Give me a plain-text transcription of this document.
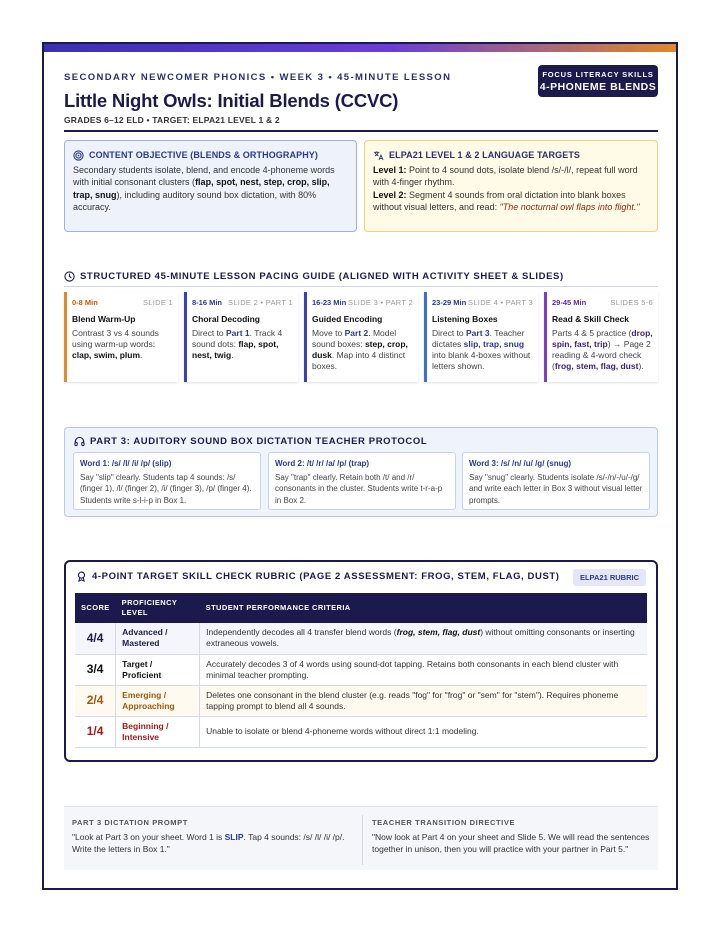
SECONDARY NEWCOMER PHONICS • WEEK 3 • 45-MINUTE LESSON
Little Night Owls: Initial Blends (CCVC)
GRADES 6–12 ELD • TARGET: ELPA21 LEVEL 1 & 2
FOCUS LITERACY SKILLS
4-PHONEME BLENDS
CONTENT OBJECTIVE (BLENDS & ORTHOGRAPHY)
Secondary students isolate, blend, and encode 4-phoneme words with initial consonant clusters (flap, spot, nest, step, crop, slip, trap, snug), including auditory sound box dictation, with 80% accuracy.
ELPA21 LEVEL 1 & 2 LANGUAGE TARGETS
Level 1: Point to 4 sound dots, isolate blend /s/-/l/, repeat full word with 4-finger rhythm.
Level 2: Segment 4 sounds from oral dictation into blank boxes without visual letters, and read: "The nocturnal owl flaps into flight."
STRUCTURED 45-MINUTE LESSON PACING GUIDE (ALIGNED WITH ACTIVITY SHEET & SLIDES)
0-8 Min	SLIDE 1
Blend Warm-Up
Contrast 3 vs 4 sounds using warm-up words: clap, swim, plum.
8-16 Min SLIDE 2 • PART 1
Choral Decoding
Direct to Part 1. Track 4 sound dots: flap, spot, nest, twig.
16-23 Min SLIDE 3 • PART 2
Guided Encoding
Move to Part 2. Model sound boxes: step, crop, dusk. Map into 4 distinct boxes.
23-29 Min SLIDE 4 • PART 3
Listening Boxes
Direct to Part 3. Teacher dictates slip, trap, snug into blank 4-boxes without letters shown.
29-45 Min	SLIDES 5-6
Read & Skill Check
Parts 4 & 5 practice (drop, spin, fast, trip) → Page 2 reading & 4-word check (frog, stem, flag, dust).
PART 3: AUDITORY SOUND BOX DICTATION TEACHER PROTOCOL
Word 1: /s/ /l/ /i/ /p/ (slip)
Say "slip" clearly. Students tap 4 sounds: /s/ (finger 1), /l/ (finger 2), /i/ (finger 3), /p/ (finger 4). Students write s-l-i-p in Box 1.
Word 2: /t/ /r/ /a/ /p/ (trap)
Say "trap" clearly. Retain both /t/ and /r/ consonants in the cluster. Students write t-r-a-p in Box 2.
Word 3: /s/ /n/ /u/ /g/ (snug)
Say "snug" clearly. Students isolate /s/-/n/-/u/-/g/ and write each letter in Box 3 without visual letter prompts.
4-POINT TARGET SKILL CHECK RUBRIC (PAGE 2 ASSESSMENT: FROG, STEM, FLAG, DUST)	ELPA21 RUBRIC
SCORE	PROFICIENCY LEVEL	STUDENT PERFORMANCE CRITERIA
4/4	Advanced / Mastered	Independently decodes all 4 transfer blend words (frog, stem, flag, dust) without omitting consonants or inserting extraneous vowels.
3/4	Target / Proficient	Accurately decodes 3 of 4 words using sound-dot tapping. Retains both consonants in each blend cluster with minimal teacher prompting.
2/4	Emerging / Approaching	Deletes one consonant in the blend cluster (e.g. reads "fog" for "frog" or "sem" for "stem"). Requires phoneme tapping prompt to blend all 4 sounds.
1/4	Beginning / Intensive	Unable to isolate or blend 4-phoneme words without direct 1:1 modeling.
PART 3 DICTATION PROMPT
"Look at Part 3 on your sheet. Word 1 is SLIP. Tap 4 sounds: /s/ /l/ /i/ /p/. Write the letters in Box 1."
TEACHER TRANSITION DIRECTIVE
"Now look at Part 4 on your sheet and Slide 5. We will read the sentences together in unison, then you will practice with your partner in Part 5."
